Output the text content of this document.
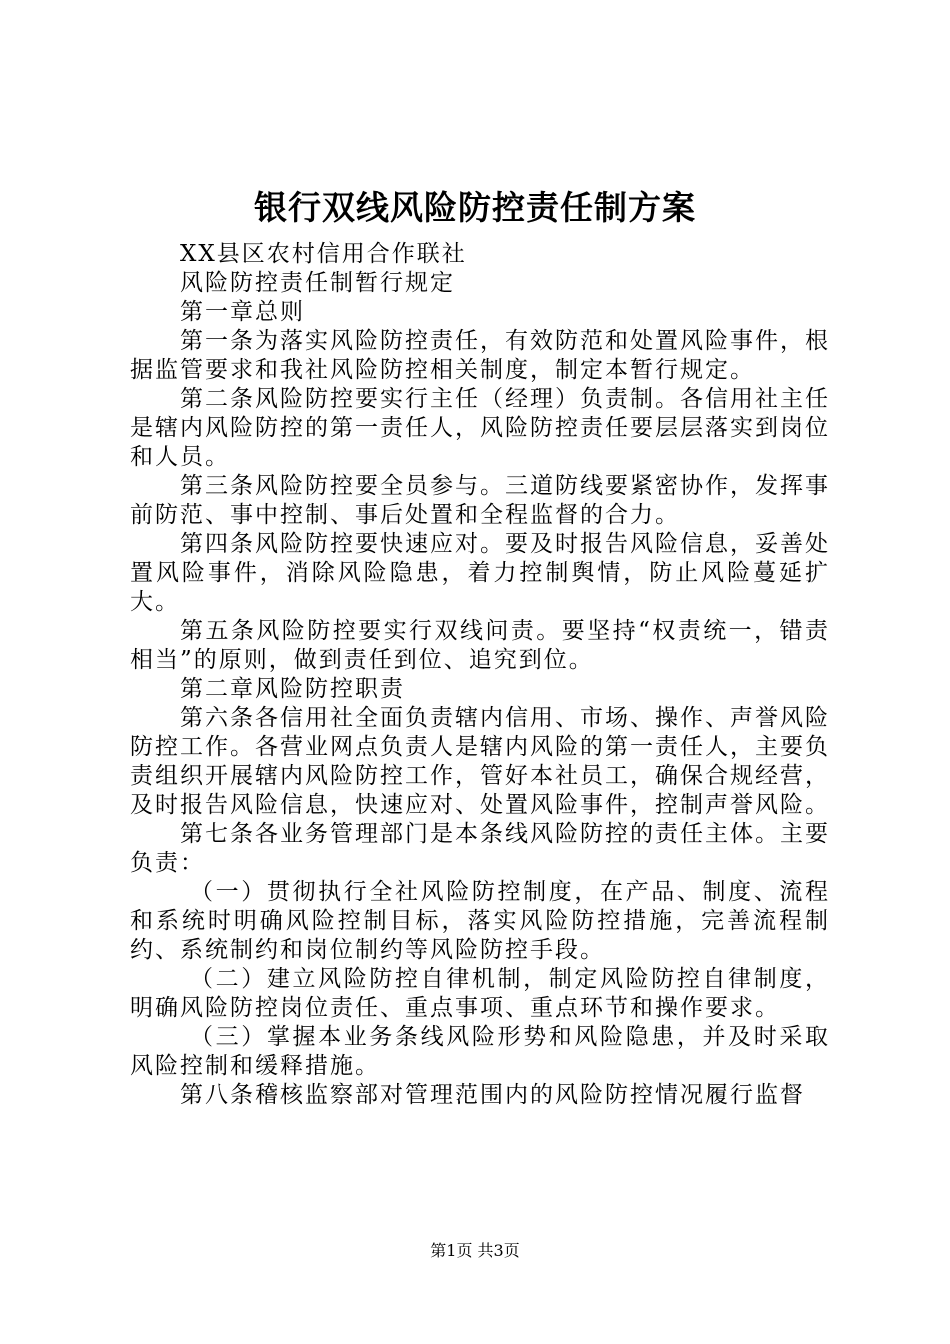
银行双线风险防控责任制方案

XX县区农村信用合作联社

风险防控责任制暂行规定

第一章总则

第一条为落实风险防控责任，有效防范和处置风险事件，根据监管要求和我社风险防控相关制度，制定本暂行规定。

第二条风险防控要实行主任（经理）负责制。各信用社主任是辖内风险防控的第一责任人，风险防控责任要层层落实到岗位和人员。

第三条风险防控要全员参与。三道防线要紧密协作，发挥事前防范、事中控制、事后处置和全程监督的合力。

第四条风险防控要快速应对。要及时报告风险信息，妥善处置风险事件，消除风险隐患，着力控制舆情，防止风险蔓延扩大。

第五条风险防控要实行双线问责。要坚持“权责统一，错责相当”的原则，做到责任到位、追究到位。

第二章风险防控职责

第六条各信用社全面负责辖内信用、市场、操作、声誉风险防控工作。各营业网点负责人是辖内风险的第一责任人，主要负责组织开展辖内风险防控工作，管好本社员工，确保合规经营，及时报告风险信息，快速应对、处置风险事件，控制声誉风险。

第七条各业务管理部门是本条线风险防控的责任主体。主要负责：

（一）贯彻执行全社风险防控制度，在产品、制度、流程和系统时明确风险控制目标，落实风险防控措施，完善流程制约、系统制约和岗位制约等风险防控手段。

（二）建立风险防控自律机制，制定风险防控自律制度，明确风险防控岗位责任、重点事项、重点环节和操作要求。

（三）掌握本业务条线风险形势和风险隐患，并及时采取风险控制和缓释措施。

第八条稽核监察部对管理范围内的风险防控情况履行监督

第1页 共3页
